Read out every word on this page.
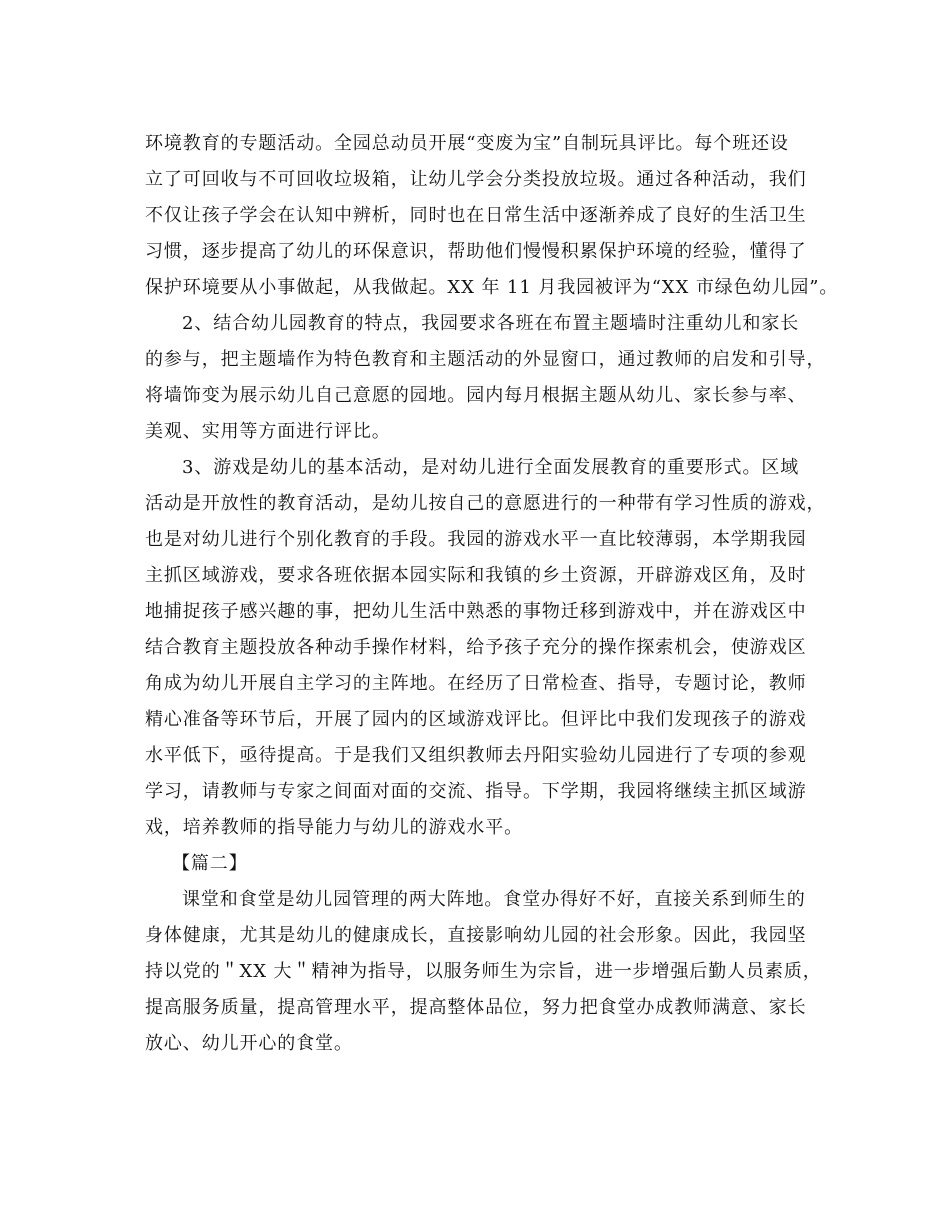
环境教育的专题活动。全园总动员开展“变废为宝”自制玩具评比。每个班还设
立了可回收与不可回收垃圾箱，让幼儿学会分类投放垃圾。通过各种活动，我们
不仅让孩子学会在认知中辨析，同时也在日常生活中逐渐养成了良好的生活卫生
习惯，逐步提高了幼儿的环保意识，帮助他们慢慢积累保护环境的经验，懂得了
保护环境要从小事做起，从我做起。XX 年 11 月我园被评为“XX 市绿色幼儿园”。
2、结合幼儿园教育的特点，我园要求各班在布置主题墙时注重幼儿和家长
的参与，把主题墙作为特色教育和主题活动的外显窗口，通过教师的启发和引导，
将墙饰变为展示幼儿自己意愿的园地。园内每月根据主题从幼儿、家长参与率、
美观、实用等方面进行评比。
3、游戏是幼儿的基本活动，是对幼儿进行全面发展教育的重要形式。区域
活动是开放性的教育活动，是幼儿按自己的意愿进行的一种带有学习性质的游戏，
也是对幼儿进行个别化教育的手段。我园的游戏水平一直比较薄弱，本学期我园
主抓区域游戏，要求各班依据本园实际和我镇的乡土资源，开辟游戏区角，及时
地捕捉孩子感兴趣的事，把幼儿生活中熟悉的事物迁移到游戏中，并在游戏区中
结合教育主题投放各种动手操作材料，给予孩子充分的操作探索机会，使游戏区
角成为幼儿开展自主学习的主阵地。在经历了日常检查、指导，专题讨论，教师
精心准备等环节后，开展了园内的区域游戏评比。但评比中我们发现孩子的游戏
水平低下，亟待提高。于是我们又组织教师去丹阳实验幼儿园进行了专项的参观
学习，请教师与专家之间面对面的交流、指导。下学期，我园将继续主抓区域游
戏，培养教师的指导能力与幼儿的游戏水平。
【篇二】
课堂和食堂是幼儿园管理的两大阵地。食堂办得好不好，直接关系到师生的
身体健康，尤其是幼儿的健康成长，直接影响幼儿园的社会形象。因此，我园坚
持以党的＂XX 大＂精神为指导，以服务师生为宗旨，进一步增强后勤人员素质，
提高服务质量，提高管理水平，提高整体品位，努力把食堂办成教师满意、家长
放心、幼儿开心的食堂。
